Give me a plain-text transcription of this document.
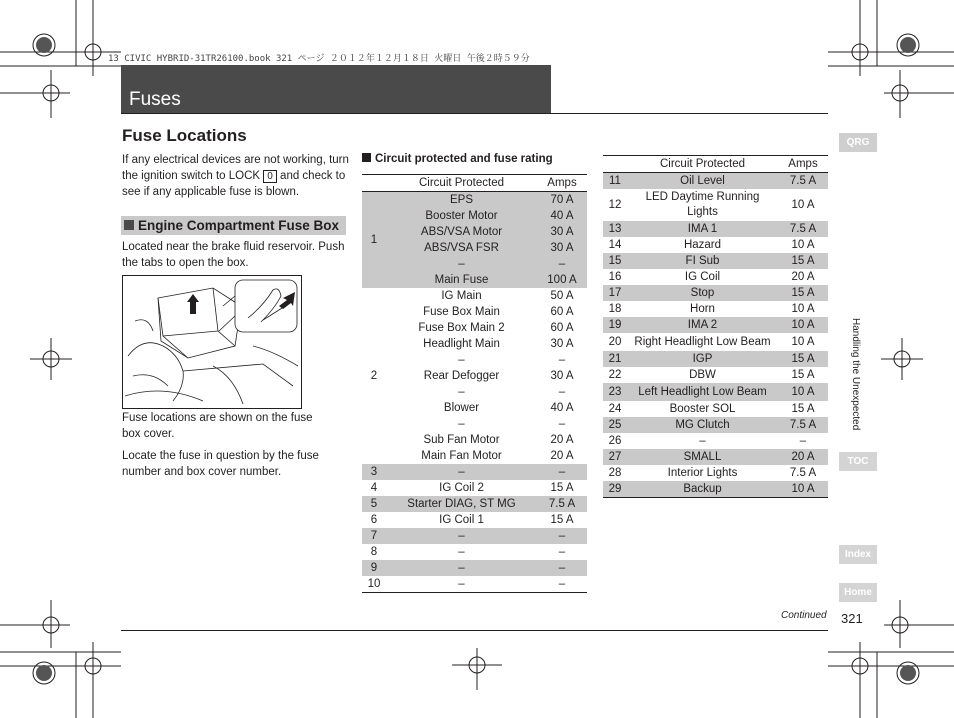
13 CIVIC HYBRID-31TR26100.book 321 ページ ２０１２年１２月１８日 火曜日 午後２時５９分
Fuses
Fuse Locations
If any electrical devices are not working, turn the ignition switch to LOCK 0 and check to see if any applicable fuse is blown.
Engine Compartment Fuse Box
Located near the brake fluid reservoir. Push the tabs to open the box.
Fuse locations are shown on the fuse box cover.
Locate the fuse in question by the fuse number and box cover number.
Circuit protected and fuse rating
	Circuit Protected	Amps
1	EPS	70 A
	Booster Motor	40 A
	ABS/VSA Motor	30 A
	ABS/VSA FSR	30 A
	–	–
	Main Fuse	100 A
2	IG Main	50 A
	Fuse Box Main	60 A
	Fuse Box Main 2	60 A
	Headlight Main	30 A
	–	–
	Rear Defogger	30 A
	–	–
	Blower	40 A
	–	–
	Sub Fan Motor	20 A
	Main Fan Motor	20 A
3	–	–
4	IG Coil 2	15 A
5	Starter DIAG, ST MG	7.5 A
6	IG Coil 1	15 A
7	–	–
8	–	–
9	–	–
10	–	–
	Circuit Protected	Amps
11	Oil Level	7.5 A
12	LED Daytime Running Lights	10 A
13	IMA 1	7.5 A
14	Hazard	10 A
15	FI Sub	15 A
16	IG Coil	20 A
17	Stop	15 A
18	Horn	10 A
19	IMA 2	10 A
20	Right Headlight Low Beam	10 A
21	IGP	15 A
22	DBW	15 A
23	Left Headlight Low Beam	10 A
24	Booster SOL	15 A
25	MG Clutch	7.5 A
26	–	–
27	SMALL	20 A
28	Interior Lights	7.5 A
29	Backup	10 A
QRG
Handling the Unexpected
TOC
Index
Home
Continued 321
